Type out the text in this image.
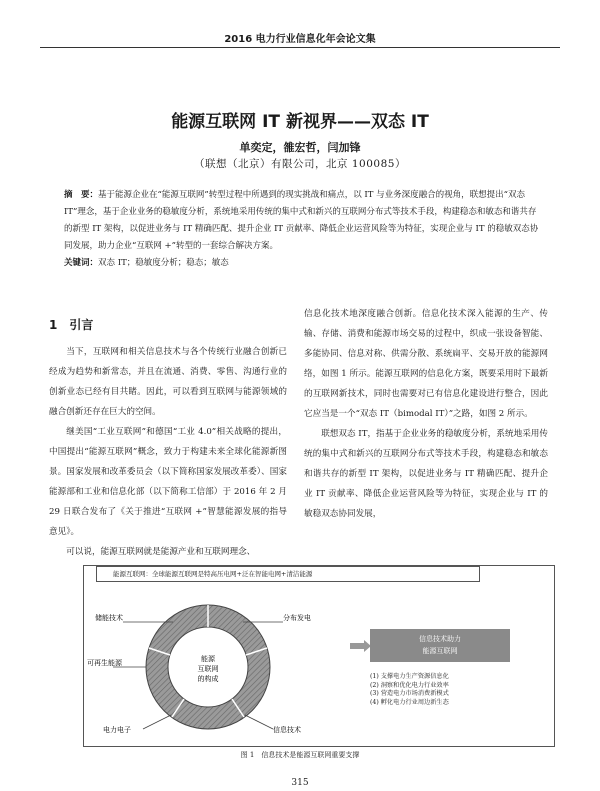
2016 电力行业信息化年会论文集
能源互联网 IT 新视界——双态 IT
单奕定，雒宏哲，闫加锋
（联想（北京）有限公司，北京 100085）
摘　要：基于能源企业在“能源互联网”转型过程中所遇到的现实挑战和痛点，以 IT 与业务深度融合的视角，联想提出“双态 IT”理念，基于企业业务的稳敏度分析，系统地采用传统的集中式和新兴的互联网分布式等技术手段，构建稳态和敏态和谐共存的新型 IT 架构，以促进业务与 IT 精确匹配、提升企业 IT 贡献率、降低企业运营风险等为特征，实现企业与 IT 的稳敏双态协同发展，助力企业“互联网 +”转型的一套综合解决方案。
关键词：双态 IT；稳敏度分析；稳态；敏态
1　引言

当下，互联网和相关信息技术与各个传统行业融合创新已经成为趋势和新常态，并且在流通、消费、零售、沟通行业的创新业态已经有目共睹。因此，可以看到互联网与能源领域的融合创新还存在巨大的空间。

继美国“工业互联网”和德国“工业 4.0”相关战略的提出，中国提出“能源互联网”概念，致力于构建未来全球化能源新图景。国家发展和改革委员会（以下简称国家发展改革委）、国家能源部和工业和信息化部（以下简称工信部）于 2016 年 2 月 29 日联合发布了《关于推进“互联网 +”智慧能源发展的指导意见》。

可以说，能源互联网就是能源产业和互联网理念、

信息化技术地深度融合创新。信息化技术深入能源的生产、传输、存储、消费和能源市场交易的过程中，织成一张设备智能、多能协同、信息对称、供需分散、系统扁平、交易开放的能源网络，如图 1 所示。能源互联网的信息化方案，既要采用时下最新的互联网新技术，同时也需要对已有信息化建设进行整合，因此它应当是一个“双态 IT（bimodal IT）”之路，如图 2 所示。

联想双态 IT，指基于企业业务的稳敏度分析，系统地采用传统的集中式和新兴的互联网分布式等技术手段，构建稳态和敏态和谐共存的新型 IT 架构，以促进业务与 IT 精确匹配、提升企业 IT 贡献率、降低企业运营风险等为特征，实现企业与 IT 的敏稳双态协同发展，

能源互联网：全球能源互联网是特高压电网+泛在智能电网+清洁能源
储能技术	分布发电
可再生能源
电力电子	信息技术
能源
互联网
的构成
信息技术助力
能源互联网
(1) 支撑电力生产资源信息化
(2) 洞察和优化电力行业效率
(3) 营造电力市场消费新模式
(4) 孵化电力行业周边新生态
图 1　信息技术是能源互联网重要支撑
315
